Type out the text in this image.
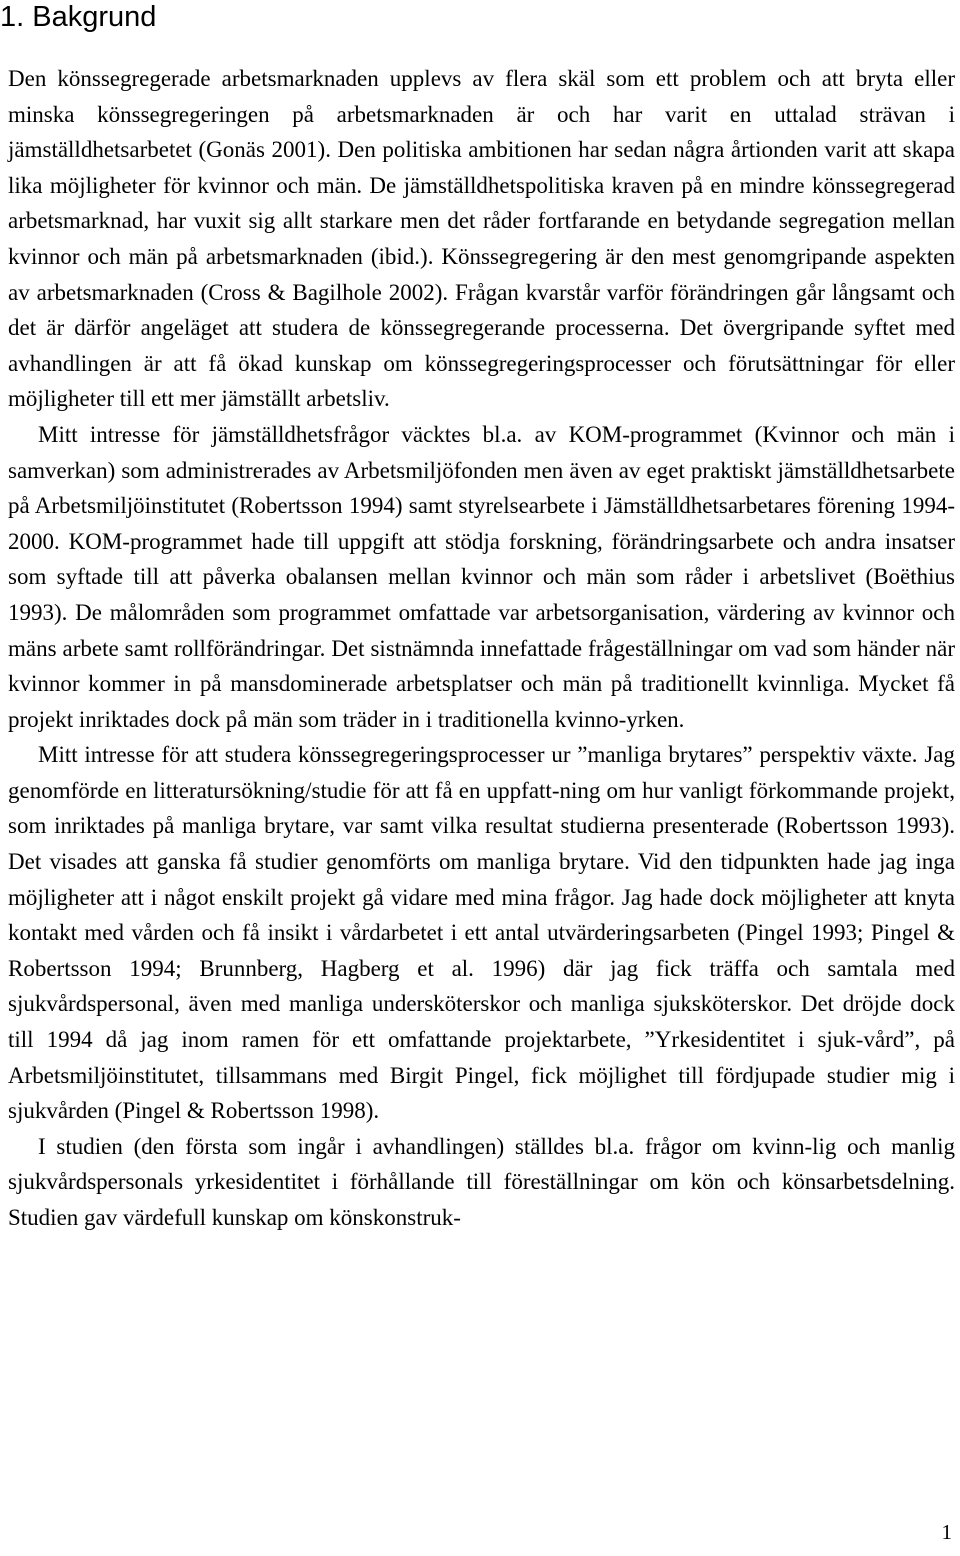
1. Bakgrund

Den könssegregerade arbetsmarknaden upplevs av flera skäl som ett problem och att bryta eller minska könssegregeringen på arbetsmarknaden är och har varit en uttalad strävan i jämställdhetsarbetet (Gonäs 2001). Den politiska ambitionen har sedan några årtionden varit att skapa lika möjligheter för kvinnor och män. De jämställdhetspolitiska kraven på en mindre könssegregerad arbetsmarknad, har vuxit sig allt starkare men det råder fortfarande en betydande segregation mellan kvinnor och män på arbetsmarknaden (ibid.). Könssegregering är den mest genomgripande aspekten av arbetsmarknaden (Cross & Bagilhole 2002). Frågan kvarstår varför förändringen går långsamt och det är därför angeläget att studera de könssegregerande processerna. Det övergripande syftet med avhandlingen är att få ökad kunskap om könssegregeringsprocesser och förutsättningar för eller möjligheter till ett mer jämställt arbetsliv.

Mitt intresse för jämställdhetsfrågor väcktes bl.a. av KOM-programmet (Kvinnor och män i samverkan) som administrerades av Arbetsmiljöfonden men även av eget praktiskt jämställdhetsarbete på Arbetsmiljöinstitutet (Robertsson 1994) samt styrelsearbete i Jämställdhetsarbetares förening 1994-2000. KOM-programmet hade till uppgift att stödja forskning, förändringsarbete och andra insatser som syftade till att påverka obalansen mellan kvinnor och män som råder i arbetslivet (Boëthius 1993). De målområden som programmet omfattade var arbetsorganisation, värdering av kvinnor och mäns arbete samt rollförändringar. Det sistnämnda innefattade frågeställningar om vad som händer när kvinnor kommer in på mansdominerade arbetsplatser och män på traditionellt kvinnliga. Mycket få projekt inriktades dock på män som träder in i traditionella kvinno-yrken.

Mitt intresse för att studera könssegregeringsprocesser ur ”manliga brytares” perspektiv växte. Jag genomförde en litteratursökning/studie för att få en uppfatt-ning om hur vanligt förkommande projekt, som inriktades på manliga brytare, var samt vilka resultat studierna presenterade (Robertsson 1993). Det visades att ganska få studier genomförts om manliga brytare. Vid den tidpunkten hade jag inga möjligheter att i något enskilt projekt gå vidare med mina frågor. Jag hade dock möjligheter att knyta kontakt med vården och få insikt i vårdarbetet i ett antal utvärderingsarbeten (Pingel 1993; Pingel & Robertsson 1994; Brunnberg, Hagberg et al. 1996) där jag fick träffa och samtala med sjukvårdspersonal, även med manliga undersköterskor och manliga sjuksköterskor. Det dröjde dock till 1994 då jag inom ramen för ett omfattande projektarbete, ”Yrkesidentitet i sjuk-vård”, på Arbetsmiljöinstitutet, tillsammans med Birgit Pingel, fick möjlighet till fördjupade studier mig i sjukvården (Pingel & Robertsson 1998).

I studien (den första som ingår i avhandlingen) ställdes bl.a. frågor om kvinn-lig och manlig sjukvårdspersonals yrkesidentitet i förhållande till föreställningar om kön och könsarbetsdelning. Studien gav värdefull kunskap om könskonstruk-

1
